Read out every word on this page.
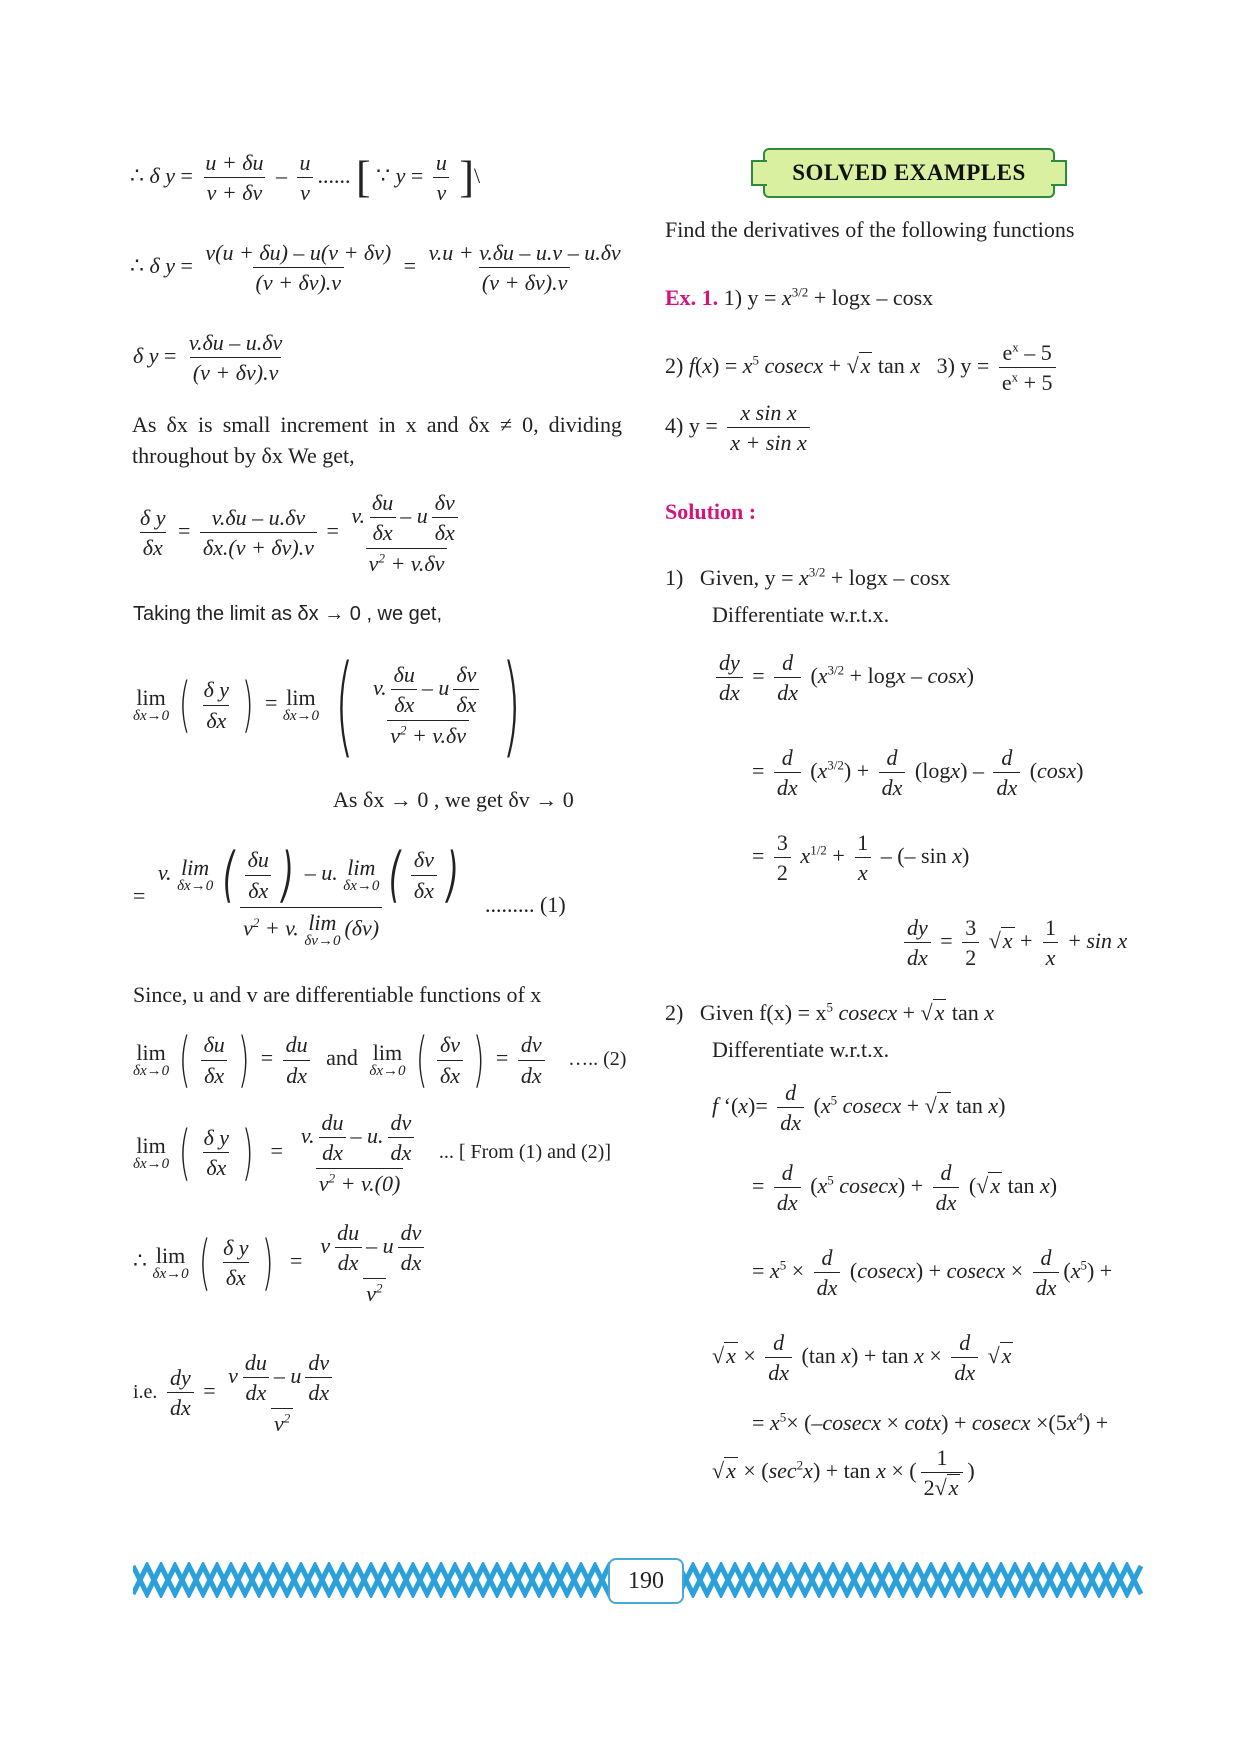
∴ δ $y = \frac{u + \delta u}{v + \delta v} - \frac{u}{v}$ ...... [ ∵ $y = \frac{u}{v}$ ]\
∴ δ $y = \frac{v(u + \delta u) - u(v + \delta v)}{(v + \delta v).v} = \frac{v.u + v.\delta u - u.v - u.\delta v}{(v + \delta v).v}$
δ $y = \frac{v.\delta u - u.\delta v}{(v + \delta v).v}$
As δx is small increment in x and δx ≠ 0, dividing throughout by δx We get,
$\frac{\text{δ y}}{\delta x} = \frac{v.\delta u - u.\delta v}{\delta x.(v + \delta v).v} = \frac{v. \frac{\delta u}{\delta x} - u \frac{\delta v}{\delta x}}{v^2 + v.\delta v}$
Taking the limit as δx → 0 , we get,
lim
δx→0 ( $\frac{\text{δ y}}{\delta x}$ ) = lim
δx→0 ( $\frac{v. \frac{\delta u}{\delta x} - u \frac{\delta v}{\delta x}}{v^2 + v.\delta v}$ )
As δx → 0 , we get δv → 0
= v. lim
δx→0 ( $\frac{\delta u}{\delta x}$ ) – u. lim
δx→0 ( $\frac{\delta v}{\delta x}$ )
$v^2 + v$. lim
δv→0
(δv) ......... (1)
Since, u and v are differentiable functions of x
lim
δx→0 ( $\frac{\delta u}{\delta x}$ ) = $\frac{du}{dx}$ and lim
δx→0 ( $\frac{\delta v}{\delta x}$ ) = $\frac{dv}{dx}$ ….. (2)
lim
δx→0 ( $\frac{\text{δ y}}{\delta x}$ )  = $\frac{v. \frac{du}{dx} - u. \frac{dv}{dx}}{v^2 + v.(0)}$ ... [ From (1) and (2)]
∴ lim
δx→0 ( $\frac{\text{δ y}}{\delta x}$ )  = $\frac{v \frac{du}{dx} - u \frac{dv}{dx}}{v^2}$
i.e. $\frac{dy}{dx} = \frac{v \frac{du}{dx} - u \frac{dv}{dx}}{v^2}$
SOLVED EXAMPLES
Find the derivatives of the following functions
Ex. 1. 1) $y = x^{3/2} + \log x - \cos x$
2) $f(x) = x^5$ cosecx + √x tan x 3) $y = \frac{e^x - 5}{e^x + 5}$
4) $y = \frac{\text{x sin x}}{\text{x + sin x}}$
Solution :
1) Given, $y = x^{3/2} + \log x - \cos x$
Differentiate w.r.t.x.
$\frac{dy}{dx} = \frac{d}{dx} (x^{3/2} + \log x - \cos x)$
= $\frac{d}{dx} (x^{3/2}) + \frac{d}{dx} (\log x) - \frac{d}{dx} (\cos x)$
= $\frac{3}{2} x^{1/2} + \frac{1}{x}$ – (– sin x)
$\frac{dy}{dx} = \frac{3}{2} √x + \frac{1}{x} + \sin x$
2) Given $f(x) = x^5$ cosecx + √x tan x
Differentiate w.r.t.x.
f ‘$(x)= \frac{d}{dx} (x^5$ cosecx + √x tan x)
= $\frac{d}{dx} (x^5$ $cosecx) + \frac{d}{dx} (√x$ tan x)
= $x^5 \times \frac{d}{dx} (cosecx) + cosecx \times \frac{d}{dx} (x^5)$ +
$√x \times \frac{d}{dx} (\tan$ $x) + \tan x \times \frac{d}{dx} √x$
= $x^5\times (-cosecx \times \cot x) + cosecx \times(5x^4)$ +
$√x \times (\sec^2x) + \tan x$ × ( $\frac{1}{2√x}$ )
190
